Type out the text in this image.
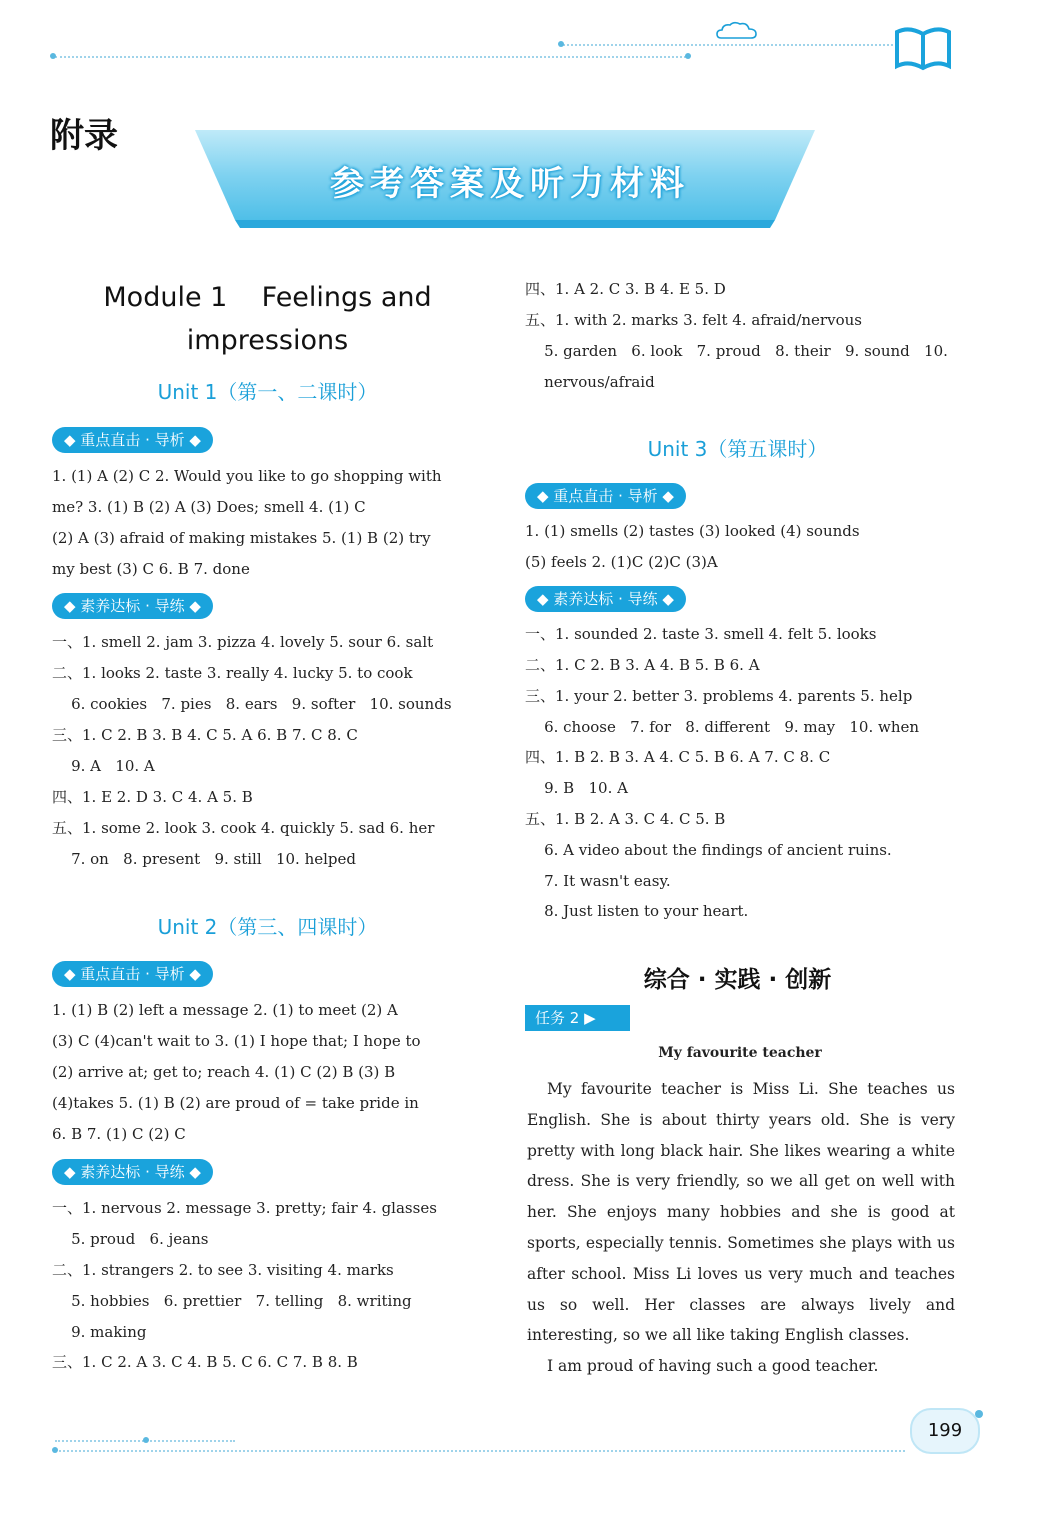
附录
参考答案及听力材料
Module 1    Feelings and
impressions
Unit 1（第一、二课时）
◆ 重点直击 · 导析 ◆
1. (1) A (2) C 2. Would you like to go shopping with
me? 3. (1) B (2) A (3) Does; smell 4. (1) C
(2) A (3) afraid of making mistakes 5. (1) B (2) try
my best (3) C 6. B 7. done
◆ 素养达标 · 导练 ◆
一、1. smell 2. jam 3. pizza 4. lovely 5. sour 6. salt
二、1. looks 2. taste 3. really 4. lucky 5. to cook
6. cookies   7. pies   8. ears   9. softer   10. sounds
三、1. C 2. B 3. B 4. C 5. A 6. B 7. C 8. C
9. A   10. A
四、1. E 2. D 3. C 4. A 5. B
五、1. some 2. look 3. cook 4. quickly 5. sad 6. her
7. on   8. present   9. still   10. helped
Unit 2（第三、四课时）
◆ 重点直击 · 导析 ◆
1. (1) B (2) left a message 2. (1) to meet (2) A
(3) C (4)can't wait to 3. (1) I hope that; I hope to
(2) arrive at; get to; reach 4. (1) C (2) B (3) B
(4)takes 5. (1) B (2) are proud of = take pride in
6. B 7. (1) C (2) C
◆ 素养达标 · 导练 ◆
一、1. nervous 2. message 3. pretty; fair 4. glasses
5. proud   6. jeans
二、1. strangers 2. to see 3. visiting 4. marks
5. hobbies   6. prettier   7. telling   8. writing
9. making
三、1. C 2. A 3. C 4. B 5. C 6. C 7. B 8. B
四、1. A 2. C 3. B 4. E 5. D
五、1. with 2. marks 3. felt 4. afraid/nervous
5. garden   6. look   7. proud   8. their   9. sound   10.
nervous/afraid
Unit 3（第五课时）
◆ 重点直击 · 导析 ◆
1. (1) smells (2) tastes (3) looked (4) sounds
(5) feels 2. (1)C (2)C (3)A
◆ 素养达标 · 导练 ◆
一、1. sounded 2. taste 3. smell 4. felt 5. looks
二、1. C 2. B 3. A 4. B 5. B 6. A
三、1. your 2. better 3. problems 4. parents 5. help
6. choose   7. for   8. different   9. may   10. when
四、1. B 2. B 3. A 4. C 5. B 6. A 7. C 8. C
9. B   10. A
五、1. B 2. A 3. C 4. C 5. B
6. A video about the findings of ancient ruins.
7. It wasn't easy.
8. Just listen to your heart.
综合 · 实践 · 创新
任务 2 ▶
My favourite teacher

My favourite teacher is Miss Li. She teaches us English. She is about thirty years old. She is very pretty with long black hair. She likes wearing a white dress. She is very friendly, so we all get on well with her. She enjoys many hobbies and she is good at sports, especially tennis. Sometimes she plays with us after school. Miss Li loves us very much and teaches us so well. Her classes are always lively and interesting, so we all like taking English classes.

I am proud of having such a good teacher.

199
